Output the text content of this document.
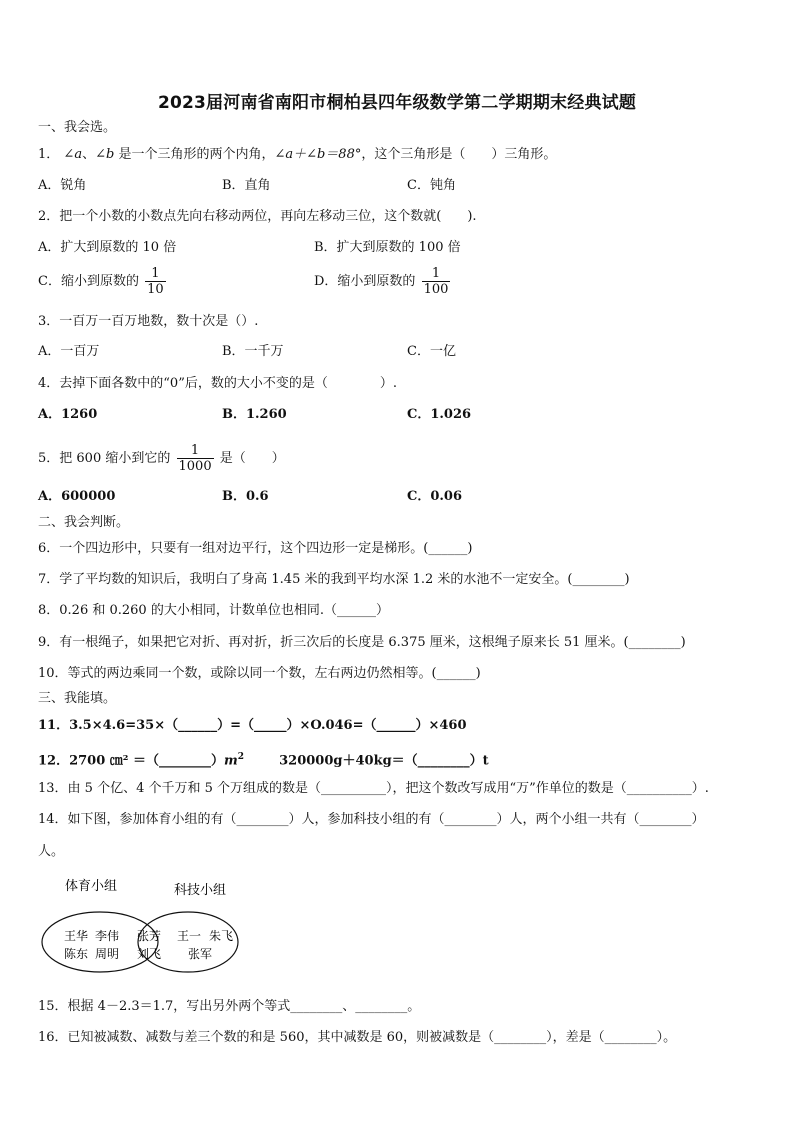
2023届河南省南阳市桐柏县四年级数学第二学期期末经典试题
一、我会选。
1． ∠a、∠b 是一个三角形的两个内角，∠a＋∠b＝88°，这个三角形是（　　）三角形。
A．锐角	B．直角	C．钝角
2．把一个小数的小数点先向右移动两位，再向左移动三位，这个数就(　　).
A．扩大到原数的 10 倍	B．扩大到原数的 100 倍
C．缩小到原数的 $\frac{1}{10}$	D．缩小到原数的 $\frac{1}{100}$
3．一百万一百万地数，数十次是（）.
A．一百万	B．一千万	C．一亿
4．去掉下面各数中的“0”后，数的大小不变的是（　　　　）.
A．1260	B．1.260	C．1.026
5．把 600 缩小到它的 $\frac{1}{1000}$ 是（　　）
A．600000	B．0.6	C．0.06
二、我会判断。
6．一个四边形中，只要有一组对边平行，这个四边形一定是梯形。(______)
7．学了平均数的知识后，我明白了身高 1.45 米的我到平均水深 1.2 米的水池不一定安全。(________)
8．0.26 和 0.260 的大小相同，计数单位也相同.（______）
9．有一根绳子，如果把它对折、再对折，折三次后的长度是 6.375 厘米，这根绳子原来长 51 厘米。(________)
10．等式的两边乘同一个数，或除以同一个数，左右两边仍然相等。(______)
三、我能填。
11．3.5×4.6=35×（______）=（_____）×O.046=（______）×460
12．2700 ㎝² $=(\_\_\_\_\_\_\_\_)m^2$	320000g＋40kg＝（________）t
13．由 5 个亿、4 个千万和 5 个万组成的数是（__________），把这个数改写成用“万”作单位的数是（__________）.
14．如下图，参加体育小组的有（________）人，参加科技小组的有（________）人，两个小组一共有（________）
人。
体育小组	科技小组
王华 李伟
陈东 周明
张芳
刘飞
王一 朱飞
张军
15．根据 4－2.3＝1.7，写出另外两个等式________、________。
16．已知被减数、减数与差三个数的和是 560，其中减数是 60，则被减数是（________），差是（________）。
